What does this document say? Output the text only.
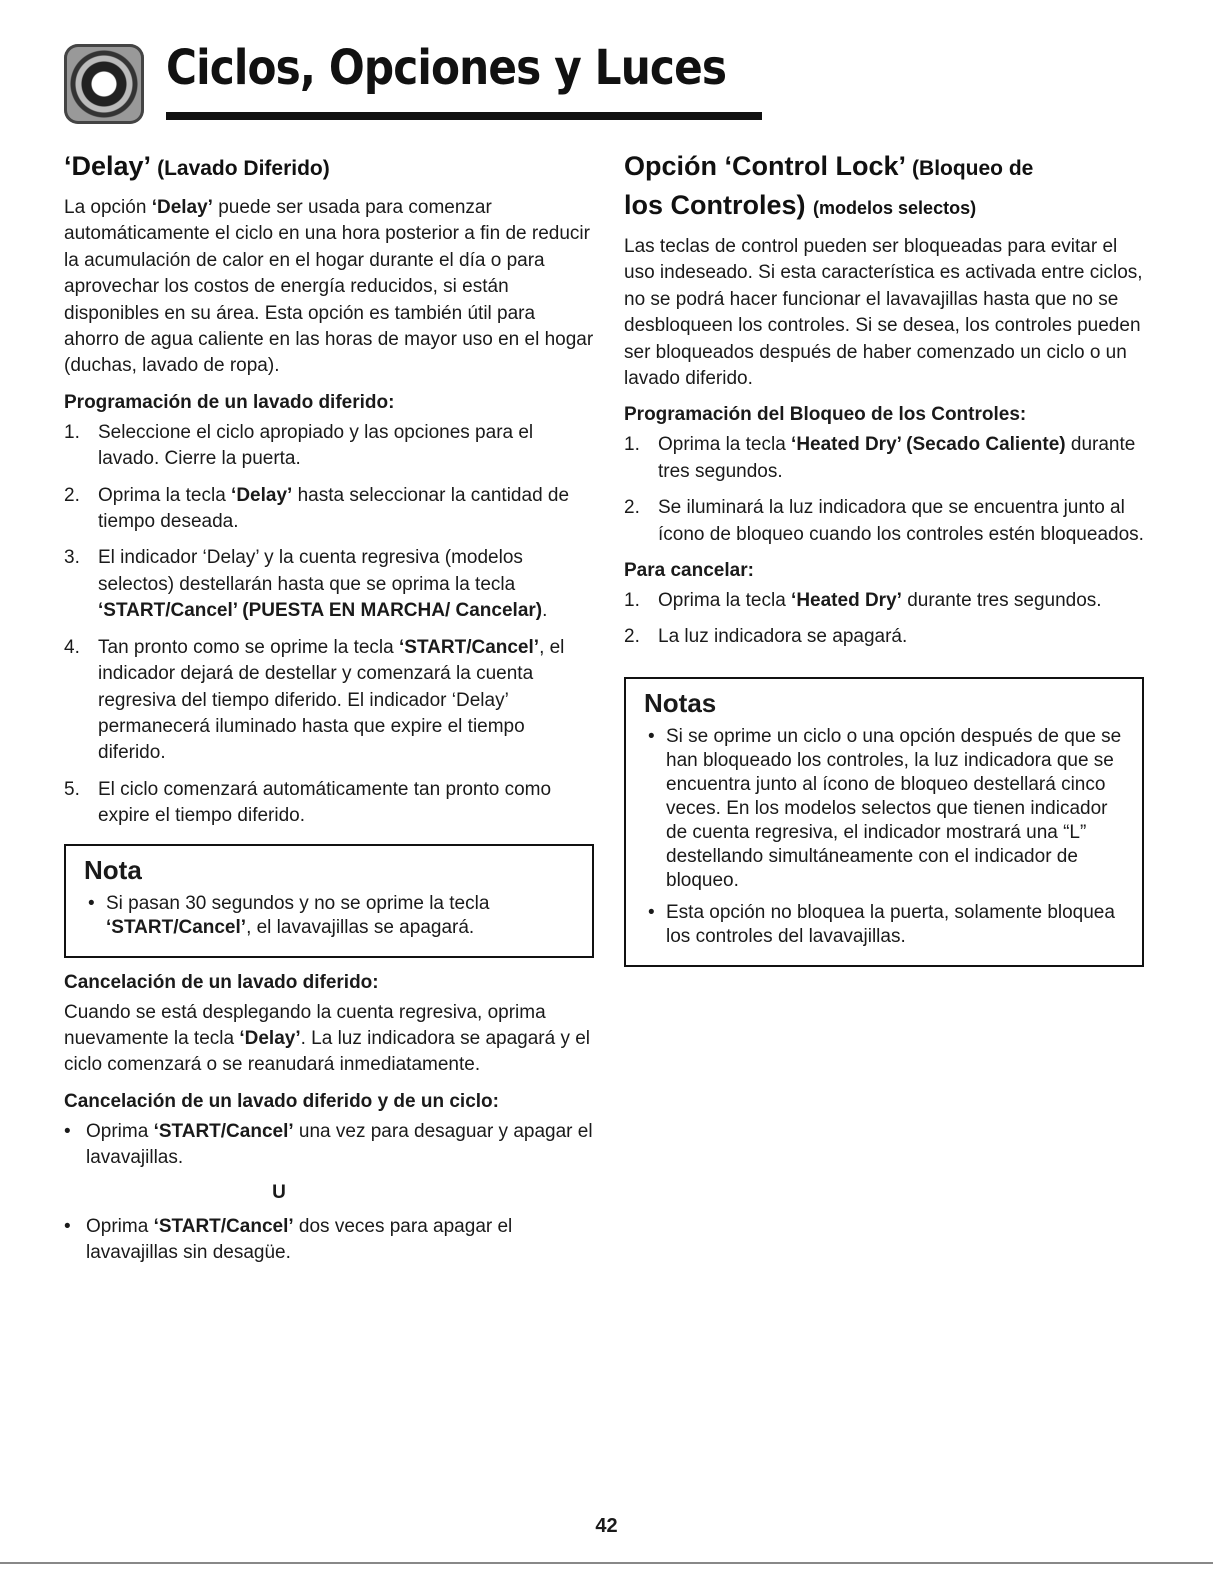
Ciclos, Opciones y Luces
‘Delay’ (Lavado Diferido)

La opción ‘Delay’ puede ser usada para comenzar automáticamente el ciclo en una hora posterior a fin de reducir la acumulación de calor en el hogar durante el día o para aprovechar los costos de energía reducidos, si están disponibles en su área. Esta opción es también útil para ahorro de agua caliente en las horas de mayor uso en el hogar (duchas, lavado de ropa).

Programación de un lavado diferido:
1. Seleccione el ciclo apropiado y las opciones para el lavado. Cierre la puerta.
2. Oprima la tecla ‘Delay’ hasta seleccionar la cantidad de tiempo deseada.
3. El indicador ‘Delay’ y la cuenta regresiva (modelos selectos) destellarán hasta que se oprima la tecla ‘START/Cancel’ (PUESTA EN MARCHA/ Cancelar).
4. Tan pronto como se oprime la tecla ‘START/Cancel’, el indicador dejará de destellar y comenzará la cuenta regresiva del tiempo diferido. El indicador ‘Delay’ permanecerá iluminado hasta que expire el tiempo diferido.
5. El ciclo comenzará automáticamente tan pronto como expire el tiempo diferido.
Nota
• Si pasan 30 segundos y no se oprime la tecla ‘START/Cancel’, el lavavajillas se apagará.
Cancelación de un lavado diferido:

Cuando se está desplegando la cuenta regresiva, oprima nuevamente la tecla ‘Delay’. La luz indicadora se apagará y el ciclo comenzará o se reanudará inmediatamente.

Cancelación de un lavado diferido y de un ciclo:
• Oprima ‘START/Cancel’ una vez para desaguar y apagar el lavavajillas.
U
• Oprima ‘START/Cancel’ dos veces para apagar el lavavajillas sin desagüe.
Opción ‘Control Lock’ (Bloqueo de
los Controles) (modelos selectos)

Las teclas de control pueden ser bloqueadas para evitar el uso indeseado. Si esta característica es activada entre ciclos, no se podrá hacer funcionar el lavavajillas hasta que no se desbloqueen los controles. Si se desea, los controles pueden ser bloqueados después de haber comenzado un ciclo o un lavado diferido.

Programación del Bloqueo de los Controles:
1. Oprima la tecla ‘Heated Dry’ (Secado Caliente) durante tres segundos.
2. Se iluminará la luz indicadora que se encuentra junto al ícono de bloqueo cuando los controles estén bloqueados.
Para cancelar:
1. Oprima la tecla ‘Heated Dry’ durante tres segundos.
2. La luz indicadora se apagará.
Notas
• Si se oprime un ciclo o una opción después de que se han bloqueado los controles, la luz indicadora que se encuentra junto al ícono de bloqueo destellará cinco veces. En los modelos selectos que tienen indicador de cuenta regresiva, el indicador mostrará una “L” destellando simultáneamente con el indicador de bloqueo.
• Esta opción no bloquea la puerta, solamente bloquea los controles del lavavajillas.
42
